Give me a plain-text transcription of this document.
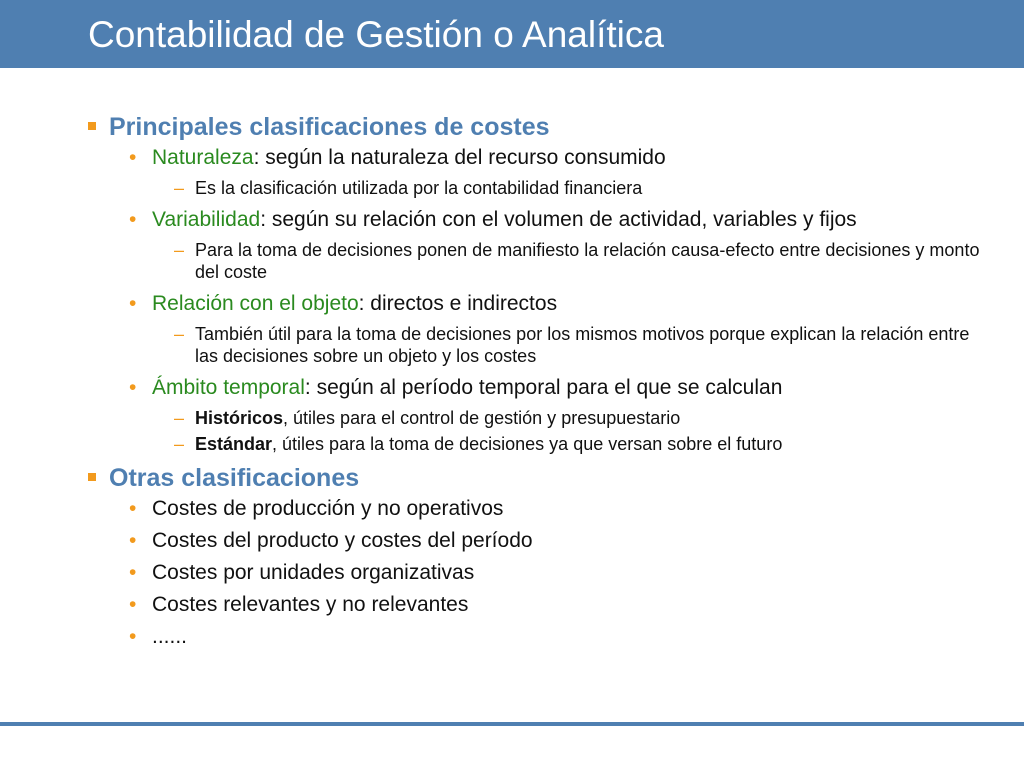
Contabilidad de Gestión o Analítica
Principales clasificaciones de costes
• Naturaleza: según la naturaleza del recurso consumido
– Es la clasificación utilizada por la contabilidad financiera
• Variabilidad: según su relación con el volumen de actividad, variables y fijos
– Para la toma de decisiones ponen de manifiesto la relación causa-efecto entre decisiones y monto del coste
• Relación con el objeto: directos e indirectos
– También útil para la toma de decisiones por los mismos motivos porque explican la relación entre las decisiones sobre un objeto y los costes
• Ámbito temporal: según al período temporal para el que se calculan
– Históricos, útiles para el control de gestión y presupuestario
– Estándar, útiles para la toma de decisiones ya que versan sobre el futuro
Otras clasificaciones
• Costes de producción y no operativos
• Costes del producto y costes del período
• Costes por unidades organizativas
• Costes relevantes y no relevantes
• ......
